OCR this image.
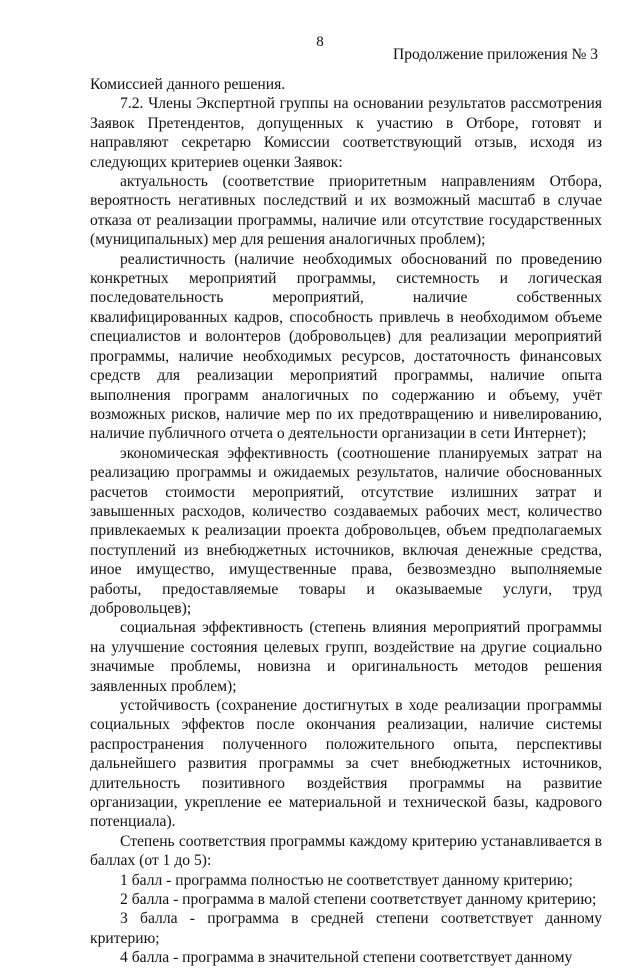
8
Продолжение приложения № 3

Комиссией данного решения.

7.2. Члены Экспертной группы на основании результатов рассмотрения Заявок Претендентов, допущенных к участию в Отборе, готовят и направляют секретарю Комиссии соответствующий отзыв, исходя из следующих критериев оценки Заявок:

актуальность (соответствие приоритетным направлениям Отбора, вероятность негативных последствий и их возможный масштаб в случае отказа от реализации программы, наличие или отсутствие государственных (муниципальных) мер для решения аналогичных проблем);

реалистичность (наличие необходимых обоснований по проведению конкретных мероприятий программы, системность и логическая последовательность мероприятий, наличие собственных квалифицированных кадров, способность привлечь в необходимом объеме специалистов и волонтеров (добровольцев) для реализации мероприятий программы, наличие необходимых ресурсов, достаточность финансовых средств для реализации мероприятий программы, наличие опыта выполнения программ аналогичных по содержанию и объему, учёт возможных рисков, наличие мер по их предотвращению и нивелированию, наличие публичного отчета о деятельности организации в сети Интернет);

экономическая эффективность (соотношение планируемых затрат на реализацию программы и ожидаемых результатов, наличие обоснованных расчетов стоимости мероприятий, отсутствие излишних затрат и завышенных расходов, количество создаваемых рабочих мест, количество привлекаемых к реализации проекта добровольцев, объем предполагаемых поступлений из внебюджетных источников, включая денежные средства, иное имущество, имущественные права, безвозмездно выполняемые работы, предоставляемые товары и оказываемые услуги, труд добровольцев);

социальная эффективность (степень влияния мероприятий программы на улучшение состояния целевых групп, воздействие на другие социально значимые проблемы, новизна и оригинальность методов решения заявленных проблем);

устойчивость (сохранение достигнутых в ходе реализации программы социальных эффектов после окончания реализации, наличие системы распространения полученного положительного опыта, перспективы дальнейшего развития программы за счет внебюджетных источников, длительность позитивного воздействия программы на развитие организации, укрепление ее материальной и технической базы, кадрового потенциала).

Степень соответствия программы каждому критерию устанавливается в баллах (от 1 до 5):

1 балл - программа полностью не соответствует данному критерию;

2 балла - программа в малой степени соответствует данному критерию;

3 балла - программа в средней степени соответствует данному критерию;

4 балла - программа в значительной степени соответствует данному
